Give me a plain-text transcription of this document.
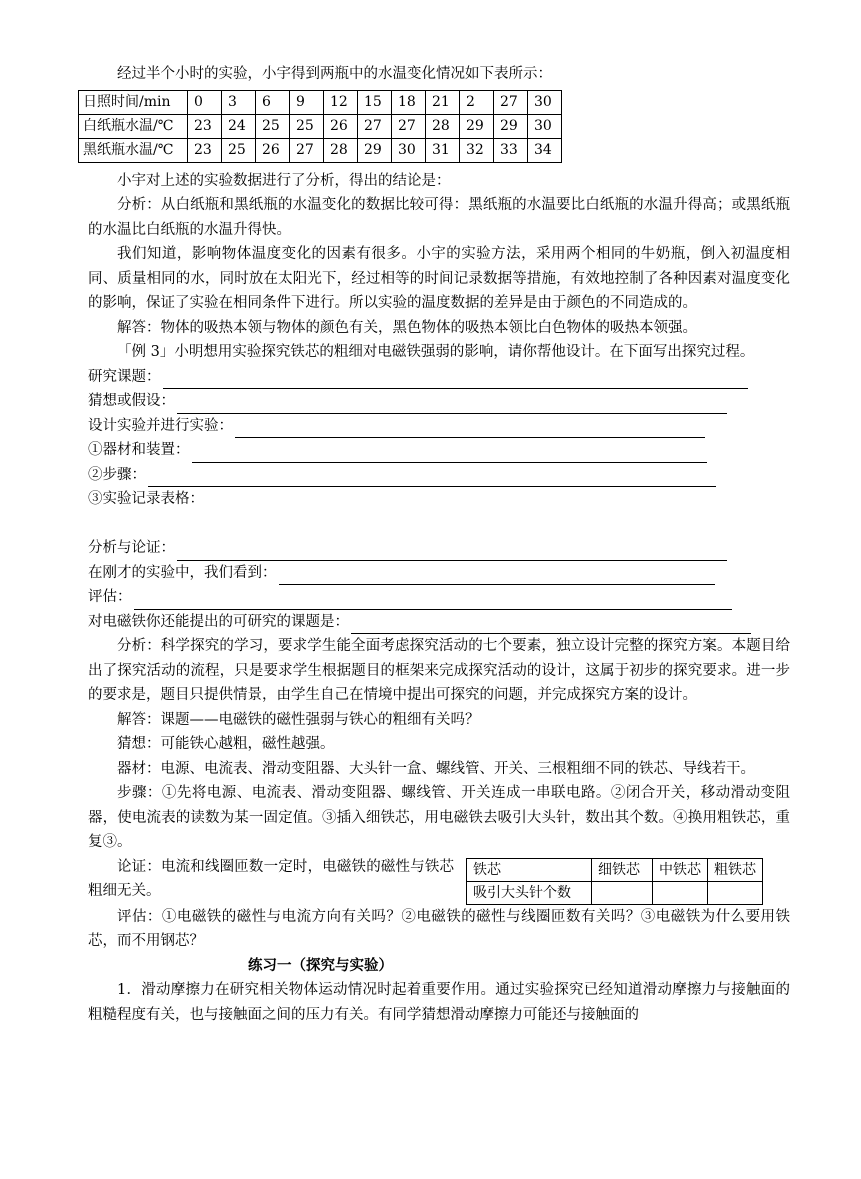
经过半个小时的实验，小宇得到两瓶中的水温变化情况如下表所示：

日照时间/min	0	3	6	9	12	15	18	21	2	27	30
白纸瓶水温/℃	23	24	25	25	26	27	27	28	29	29	30
黑纸瓶水温/℃	23	25	26	27	28	29	30	31	32	33	34

小宇对上述的实验数据进行了分析，得出的结论是：

分析：从白纸瓶和黑纸瓶的水温变化的数据比较可得：黑纸瓶的水温要比白纸瓶的水温升得高；或黑纸瓶的水温比白纸瓶的水温升得快。

我们知道，影响物体温度变化的因素有很多。小宇的实验方法，采用两个相同的牛奶瓶，倒入初温度相同、质量相同的水，同时放在太阳光下，经过相等的时间记录数据等措施，有效地控制了各种因素对温度变化的影响，保证了实验在相同条件下进行。所以实验的温度数据的差异是由于颜色的不同造成的。

解答：物体的吸热本领与物体的颜色有关，黑色物体的吸热本领比白色物体的吸热本领强。

「例 3」小明想用实验探究铁芯的粗细对电磁铁强弱的影响，请你帮他设计。在下面写出探究过程。

研究课题：
猜想或假设：
设计实验并进行实验：
①器材和装置：
②步骤：

③实验记录表格：

分析与论证：
在刚才的实验中，我们看到：
评估：
对电磁铁你还能提出的可研究的课题是：

分析：科学探究的学习，要求学生能全面考虑探究活动的七个要素，独立设计完整的探究方案。本题目给出了探究活动的流程，只是要求学生根据题目的框架来完成探究活动的设计，这属于初步的探究要求。进一步的要求是，题目只提供情景，由学生自己在情境中提出可探究的问题，并完成探究方案的设计。

解答：课题——电磁铁的磁性强弱与铁心的粗细有关吗？

猜想：可能铁心越粗，磁性越强。

器材：电源、电流表、滑动变阻器、大头针一盒、螺线管、开关、三根粗细不同的铁芯、导线若干。

步骤：①先将电源、电流表、滑动变阻器、螺线管、开关连成一串联电路。②闭合开关，移动滑动变阻器，使电流表的读数为某一固定值。③插入细铁芯，用电磁铁去吸引大头针，数出其个数。④换用粗铁芯，重复③。

论证：电流和线圈匝数一定时，电磁铁的磁性与铁芯粗细无关。

铁芯	细铁芯	中铁芯	粗铁芯
吸引大头针个数			

评估：①电磁铁的磁性与电流方向有关吗？②电磁铁的磁性与线圈匝数有关吗？③电磁铁为什么要用铁芯，而不用钢芯？

练习一（探究与实验）

1．滑动摩擦力在研究相关物体运动情况时起着重要作用。通过实验探究已经知道滑动摩擦力与接触面的粗糙程度有关，也与接触面之间的压力有关。有同学猜想滑动摩擦力可能还与接触面的
